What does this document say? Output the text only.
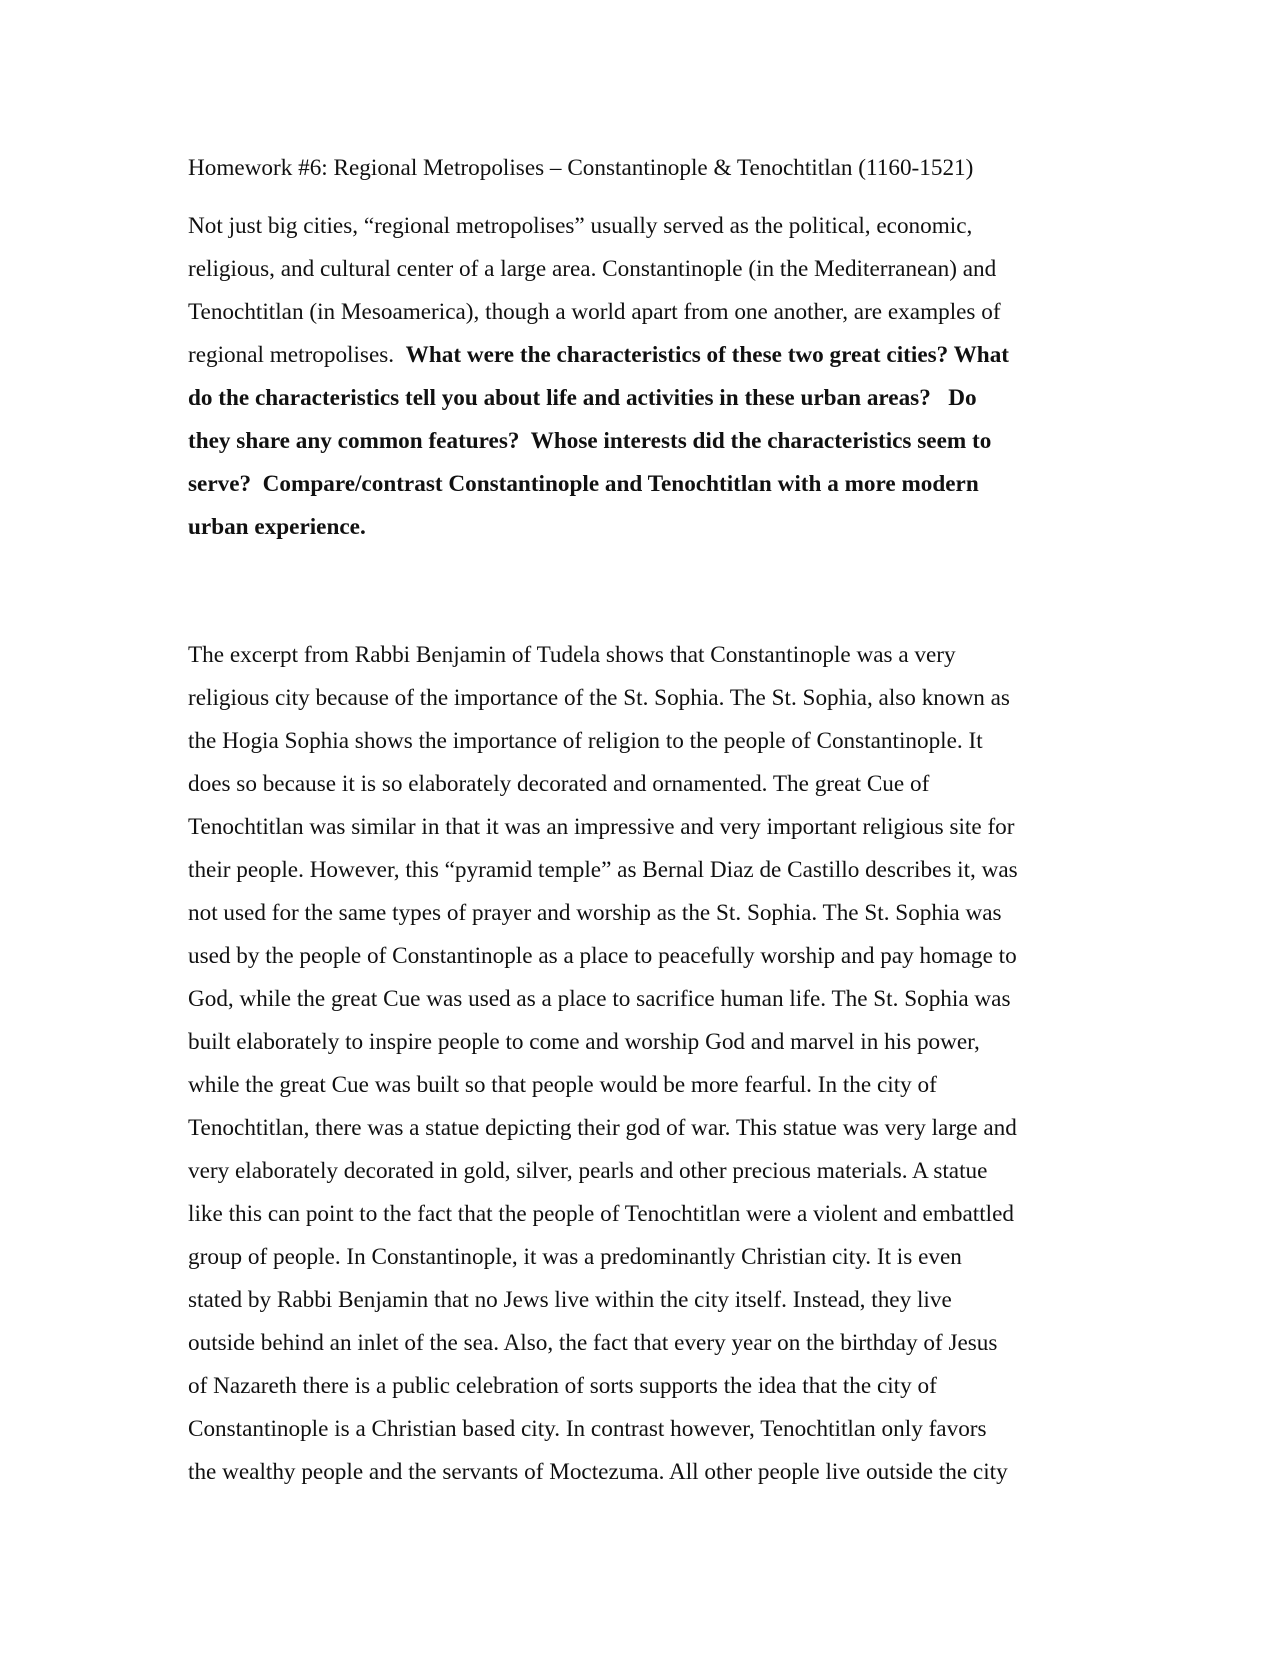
Homework #6: Regional Metropolises – Constantinople & Tenochtitlan (1160-1521)
Not just big cities, “regional metropolises” usually served as the political, economic,
religious, and cultural center of a large area. Constantinople (in the Mediterranean) and
Tenochtitlan (in Mesoamerica), though a world apart from one another, are examples of
regional metropolises.  What were the characteristics of these two great cities? What
do the characteristics tell you about life and activities in these urban areas?   Do
they share any common features?  Whose interests did the characteristics seem to
serve?  Compare/contrast Constantinople and Tenochtitlan with a more modern
urban experience.
The excerpt from Rabbi Benjamin of Tudela shows that Constantinople was a very
religious city because of the importance of the St. Sophia. The St. Sophia, also known as
the Hogia Sophia shows the importance of religion to the people of Constantinople. It
does so because it is so elaborately decorated and ornamented. The great Cue of
Tenochtitlan was similar in that it was an impressive and very important religious site for
their people. However, this “pyramid temple” as Bernal Diaz de Castillo describes it, was
not used for the same types of prayer and worship as the St. Sophia. The St. Sophia was
used by the people of Constantinople as a place to peacefully worship and pay homage to
God, while the great Cue was used as a place to sacrifice human life. The St. Sophia was
built elaborately to inspire people to come and worship God and marvel in his power,
while the great Cue was built so that people would be more fearful. In the city of
Tenochtitlan, there was a statue depicting their god of war. This statue was very large and
very elaborately decorated in gold, silver, pearls and other precious materials. A statue
like this can point to the fact that the people of Tenochtitlan were a violent and embattled
group of people. In Constantinople, it was a predominantly Christian city. It is even
stated by Rabbi Benjamin that no Jews live within the city itself. Instead, they live
outside behind an inlet of the sea. Also, the fact that every year on the birthday of Jesus
of Nazareth there is a public celebration of sorts supports the idea that the city of
Constantinople is a Christian based city. In contrast however, Tenochtitlan only favors
the wealthy people and the servants of Moctezuma. All other people live outside the city
